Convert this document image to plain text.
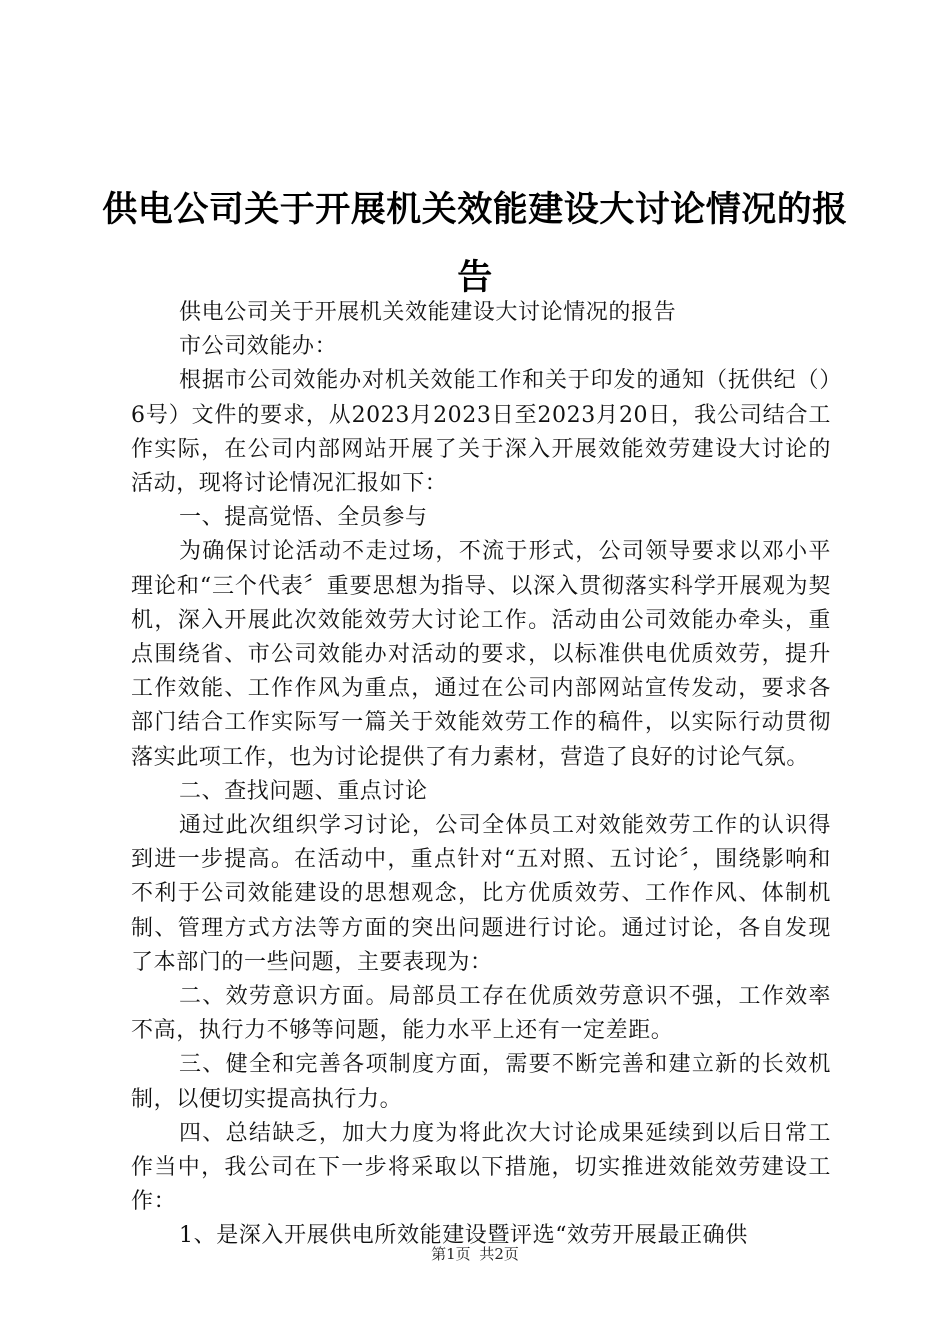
供电公司关于开展机关效能建设大讨论情况的报告

供电公司关于开展机关效能建设大讨论情况的报告

市公司效能办：

根据市公司效能办对机关效能工作和关于印发的通知（抚供纪（）6号）文件的要求，从2023月2023日至2023月20日，我公司结合工作实际，在公司内部网站开展了关于深入开展效能效劳建设大讨论的活动，现将讨论情况汇报如下：

一、提高觉悟、全员参与

为确保讨论活动不走过场，不流于形式，公司领导要求以邓小平理论和“三个代表〞重要思想为指导、以深入贯彻落实科学开展观为契机，深入开展此次效能效劳大讨论工作。活动由公司效能办牵头，重点围绕省、市公司效能办对活动的要求，以标准供电优质效劳，提升工作效能、工作作风为重点，通过在公司内部网站宣传发动，要求各部门结合工作实际写一篇关于效能效劳工作的稿件，以实际行动贯彻落实此项工作，也为讨论提供了有力素材，营造了良好的讨论气氛。

二、查找问题、重点讨论

通过此次组织学习讨论，公司全体员工对效能效劳工作的认识得到进一步提高。在活动中，重点针对“五对照、五讨论〞，围绕影响和不利于公司效能建设的思想观念，比方优质效劳、工作作风、体制机制、管理方式方法等方面的突出问题进行讨论。通过讨论，各自发现了本部门的一些问题，主要表现为：

二、效劳意识方面。局部员工存在优质效劳意识不强，工作效率不高，执行力不够等问题，能力水平上还有一定差距。

三、健全和完善各项制度方面，需要不断完善和建立新的长效机制，以便切实提高执行力。

四、总结缺乏，加大力度为将此次大讨论成果延续到以后日常工作当中，我公司在下一步将采取以下措施，切实推进效能效劳建设工作：

1、是深入开展供电所效能建设暨评选“效劳开展最正确供

第1页 共2页
